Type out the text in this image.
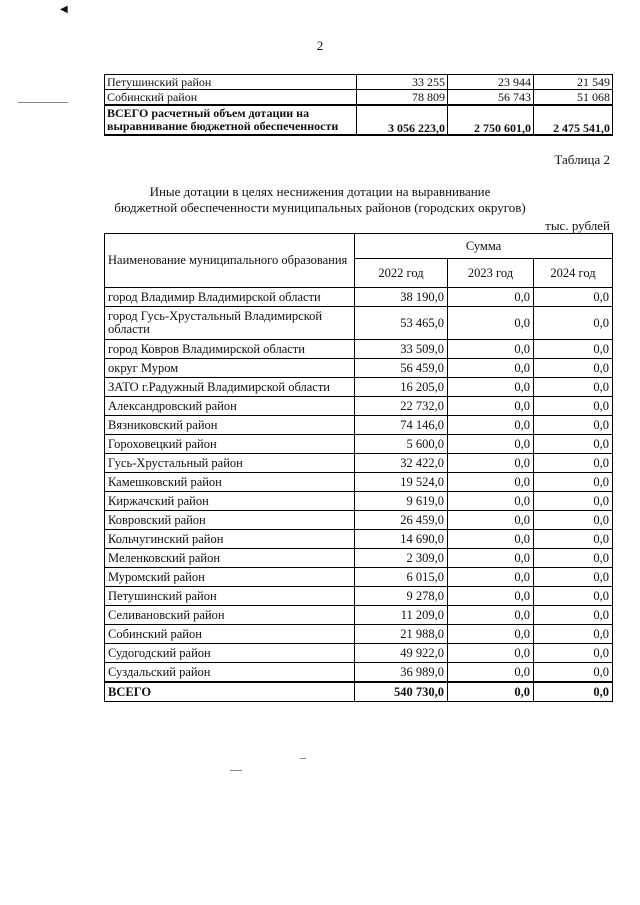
◀
2
Петушинский район	33 255	23 944	21 549
Собинский район	78 809	56 743	51 068
ВСЕГО расчетный объем дотации на
выравнивание бюджетной обеспеченности	3 056 223,0	2 750 601,0	2 475 541,0
Таблица 2
Иные дотации в целях неснижения дотации на выравнивание
бюджетной обеспеченности муниципальных районов (городских округов)
тыс. рублей
Наименование муниципального образования	Сумма		
	2022 год	2023 год	2024 год
город Владимир Владимирской области	38 190,0	0,0	0,0
город Гусь-Хрустальный Владимирской области	53 465,0	0,0	0,0
город Ковров Владимирской области	33 509,0	0,0	0,0
округ Муром	56 459,0	0,0	0,0
ЗАТО г.Радужный Владимирской области	16 205,0	0,0	0,0
Александровский район	22 732,0	0,0	0,0
Вязниковский район	74 146,0	0,0	0,0
Гороховецкий район	5 600,0	0,0	0,0
Гусь-Хрустальный район	32 422,0	0,0	0,0
Камешковский район	19 524,0	0,0	0,0
Киржачский район	9 619,0	0,0	0,0
Ковровский район	26 459,0	0,0	0,0
Кольчугинский район	14 690,0	0,0	0,0
Меленковский район	2 309,0	0,0	0,0
Муромский район	6 015,0	0,0	0,0
Петушинский район	9 278,0	0,0	0,0
Селивановский район	11 209,0	0,0	0,0
Собинский район	21 988,0	0,0	0,0
Судогодский район	49 922,0	0,0	0,0
Суздальский район	36 989,0	0,0	0,0
ВСЕГО	540 730,0	0,0	0,0
